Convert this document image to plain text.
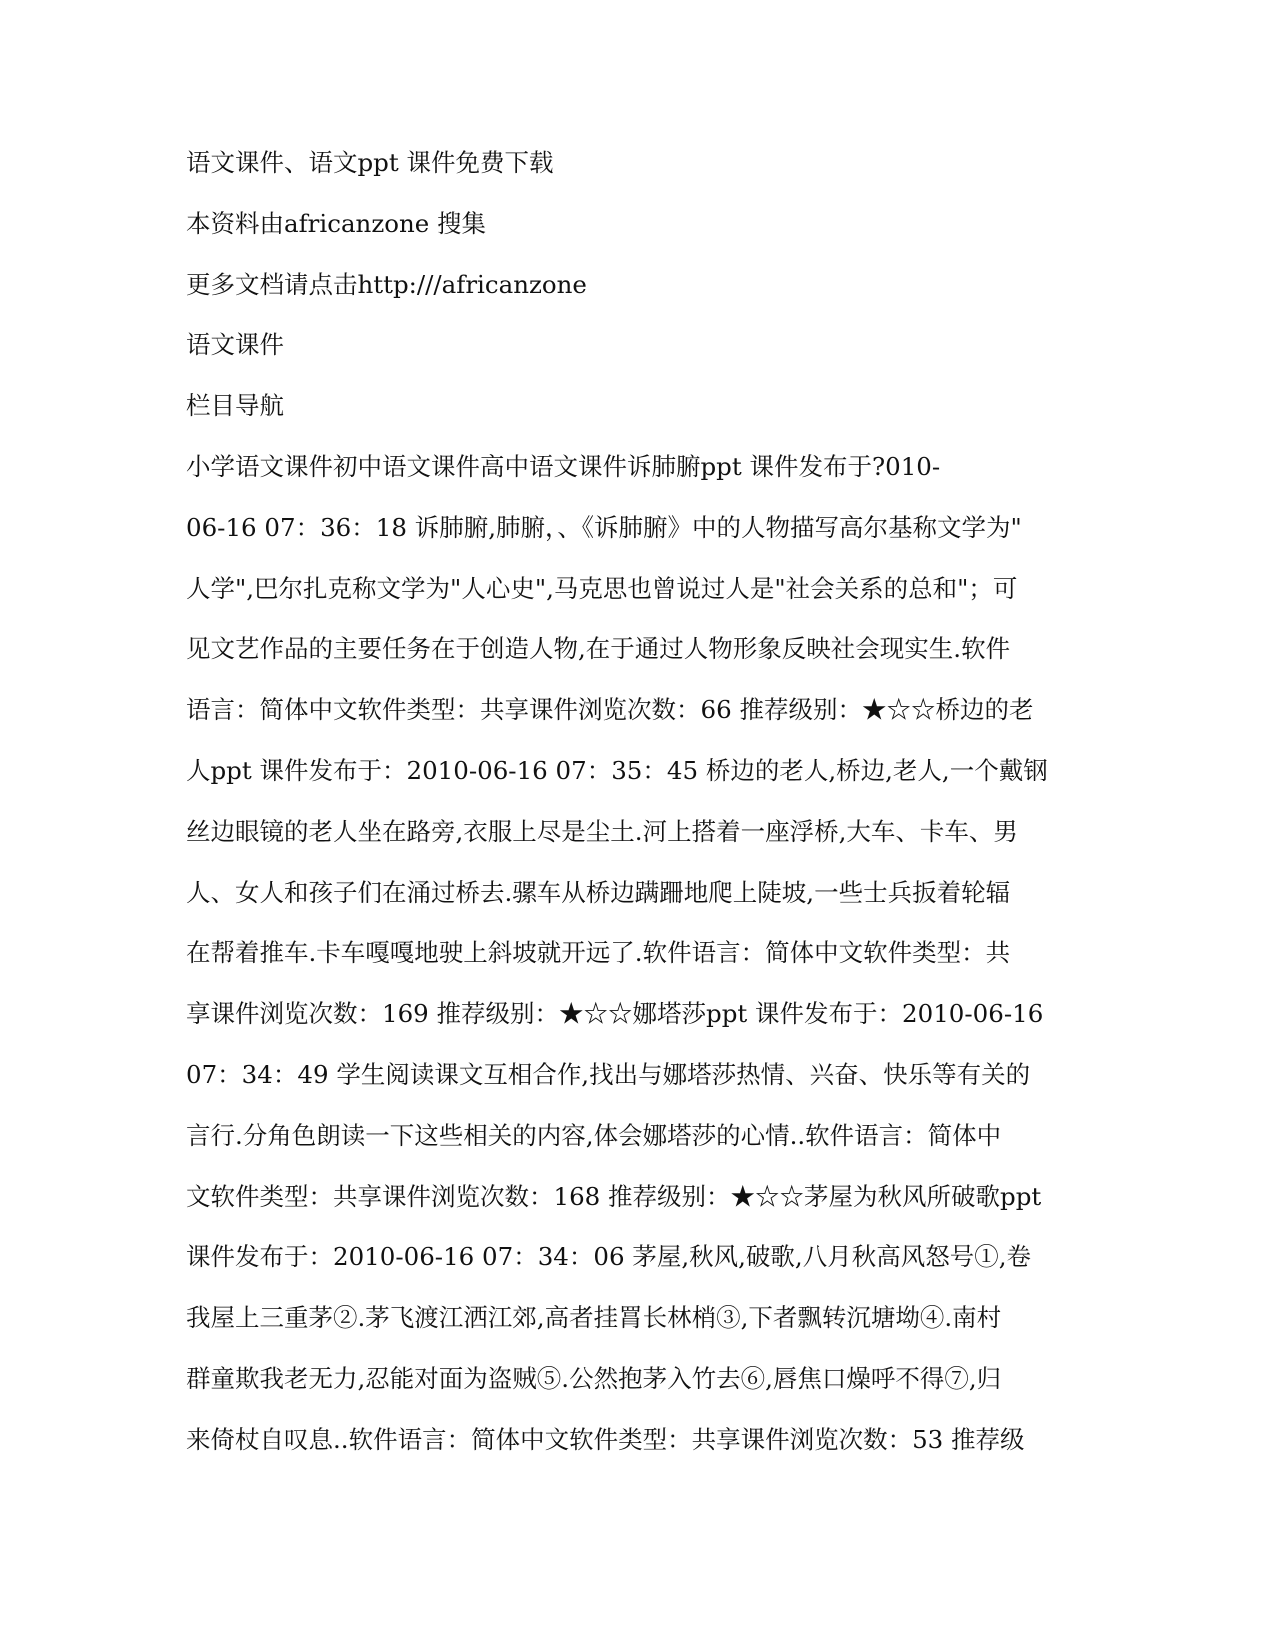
语文课件、语文ppt 课件免费下载
本资料由africanzone 搜集
更多文档请点击http:///africanzone
语文课件
栏目导航
小学语文课件初中语文课件高中语文课件诉肺腑ppt 课件发布于?010-
06-16 07：36：18 诉肺腑,肺腑，、《诉肺腑》中的人物描写高尔基称文学为"
人学",巴尔扎克称文学为"人心史",马克思也曾说过人是"社会关系的总和"；可
见文艺作品的主要任务在于创造人物,在于通过人物形象反映社会现实生.软件
语言：简体中文软件类型：共享课件浏览次数：66 推荐级别：★☆☆桥边的老
人ppt 课件发布于：2010-06-16 07：35：45 桥边的老人,桥边,老人,一个戴钢
丝边眼镜的老人坐在路旁,衣服上尽是尘土.河上搭着一座浮桥,大车、卡车、男
人、女人和孩子们在涌过桥去.骡车从桥边蹒跚地爬上陡坡,一些士兵扳着轮辐
在帮着推车.卡车嘎嘎地驶上斜坡就开远了.软件语言：简体中文软件类型：共
享课件浏览次数：169 推荐级别：★☆☆娜塔莎ppt 课件发布于：2010-06-16
07：34：49 学生阅读课文互相合作,找出与娜塔莎热情、兴奋、快乐等有关的
言行.分角色朗读一下这些相关的内容,体会娜塔莎的心情..软件语言：简体中
文软件类型：共享课件浏览次数：168 推荐级别：★☆☆茅屋为秋风所破歌ppt
课件发布于：2010-06-16 07：34：06 茅屋,秋风,破歌,八月秋高风怒号①,卷
我屋上三重茅②.茅飞渡江洒江郊,高者挂罥长林梢③,下者飘转沉塘坳④.南村
群童欺我老无力,忍能对面为盗贼⑤.公然抱茅入竹去⑥,唇焦口燥呼不得⑦,归
来倚杖自叹息..软件语言：简体中文软件类型：共享课件浏览次数：53 推荐级
